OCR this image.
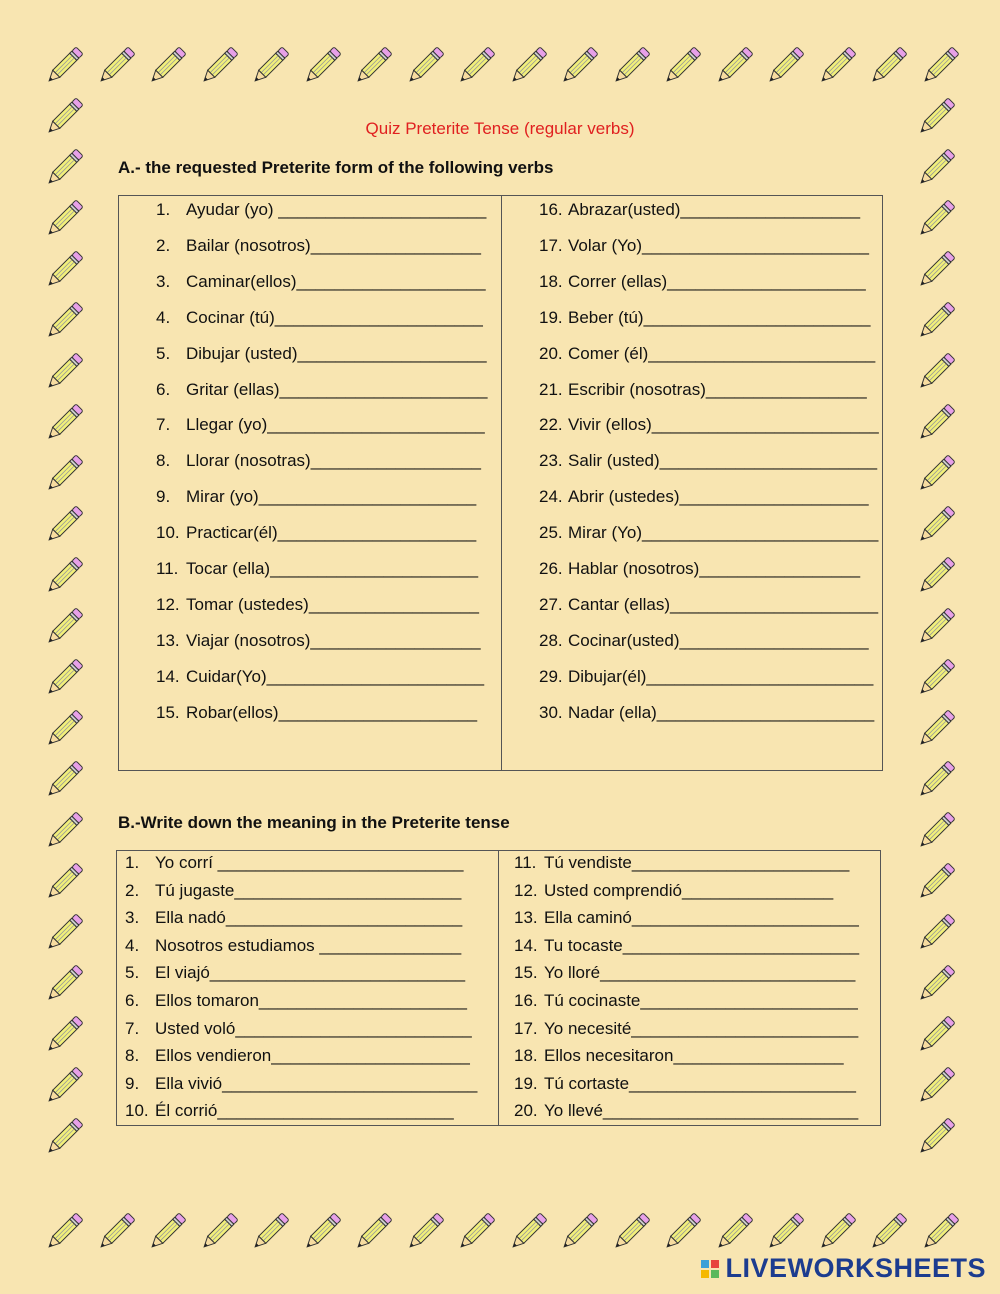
Quiz Preterite Tense (regular verbs)
A.- the requested Preterite form of the following verbs
1. Ayudar (yo) ______________________
2. Bailar (nosotros)__________________
3. Caminar(ellos)____________________
4. Cocinar (tú)______________________
5. Dibujar (usted)____________________
6. Gritar (ellas)______________________
7. Llegar (yo)_______________________
8. Llorar (nosotras)__________________
9. Mirar (yo)_______________________
10. Practicar(él)_____________________
11. Tocar (ella)______________________
12. Tomar (ustedes)__________________
13. Viajar (nosotros)__________________
14. Cuidar(Yo)_______________________
15. Robar(ellos)_____________________
16. Abrazar(usted)___________________
17. Volar (Yo)________________________
18. Correr (ellas)_____________________
19. Beber (tú)________________________
20. Comer (él)________________________
21. Escribir (nosotras)_________________
22. Vivir (ellos)________________________
23. Salir (usted)_______________________
24. Abrir (ustedes)____________________
25. Mirar (Yo)_________________________
26. Hablar (nosotros)_________________
27. Cantar (ellas)______________________
28. Cocinar(usted)____________________
29. Dibujar(él)________________________
30. Nadar (ella)_______________________
B.-Write down the meaning in the Preterite tense
1. Yo corrí __________________________
2. Tú jugaste________________________
3. Ella nadó_________________________
4. Nosotros estudiamos _______________
5. El viajó___________________________
6. Ellos tomaron______________________
7. Usted voló_________________________
8. Ellos vendieron_____________________
9. Ella vivió___________________________
10. Él corrió_________________________
11. Tú vendiste_______________________
12. Usted comprendió________________
13. Ella caminó________________________
14. Tu tocaste_________________________
15. Yo lloré___________________________
16. Tú cocinaste_______________________
17. Yo necesité________________________
18. Ellos necesitaron__________________
19. Tú cortaste________________________
20. Yo llevé___________________________
LIVEWORKSHEETS
